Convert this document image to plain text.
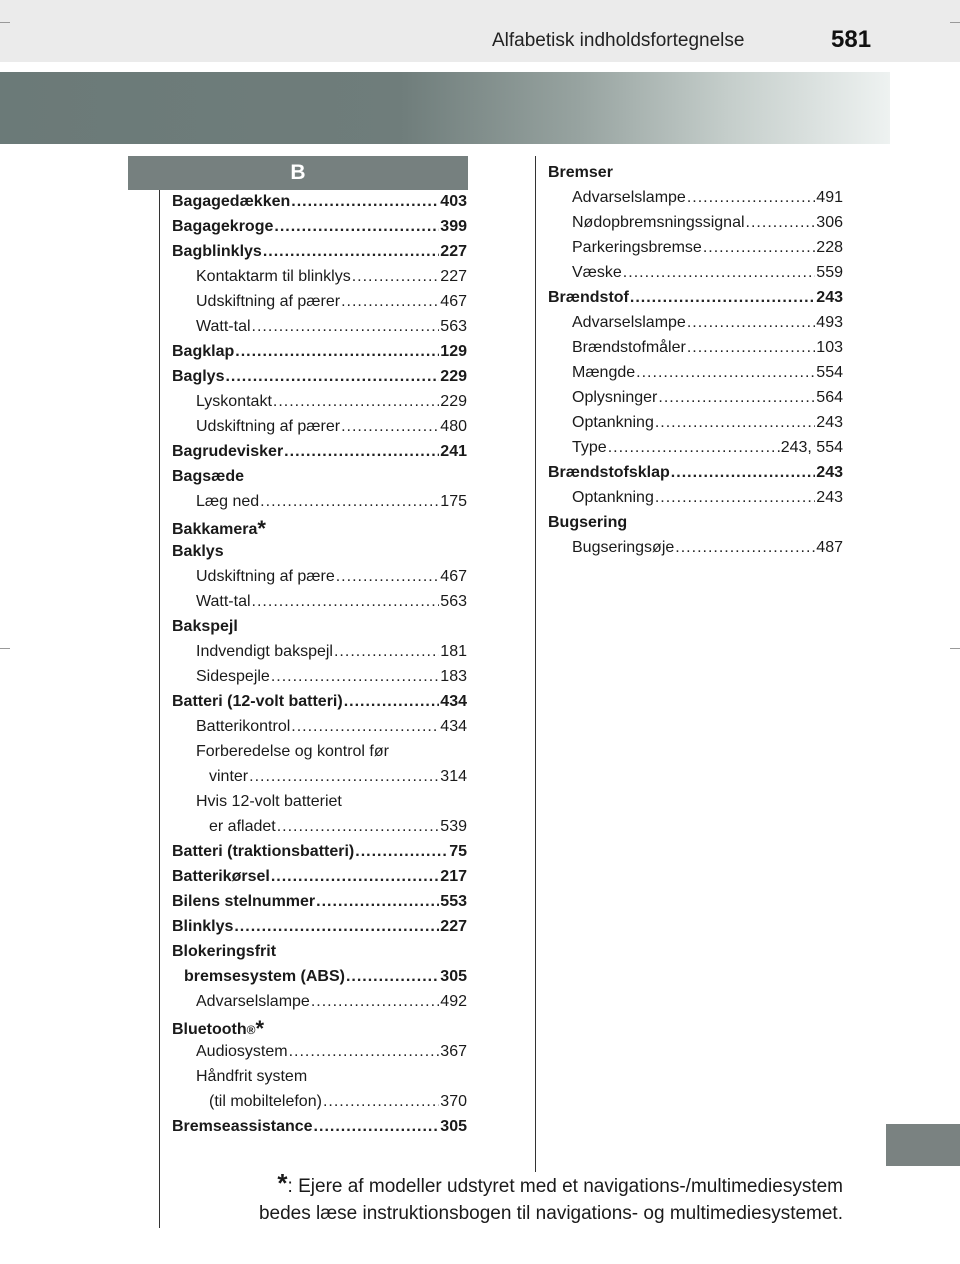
Alfabetisk indholdsfortegnelse	581
B
*: Ejere af modeller udstyret med et navigations-/multimediesystem
bedes læse instruktionsbogen til navigations- og multimediesystemet.
Bagagedækken .....	403
Bagagekroge .....	399
Bagblinklys .....	227
Kontaktarm til blinklys .....	227
Udskiftning af pærer .....	467
Watt-tal .....	563
Bagklap .....	129
Baglys .....	229
Lyskontakt .....	229
Udskiftning af pærer .....	480
Bagrudevisker .....	241
Bagsæde
Læg ned .....	175
Bakkamera *
Baklys
Udskiftning af pære .....	467
Watt-tal .....	563
Bakspejl
Indvendigt bakspejl .....	181
Sidespejle .....	183
Batteri (12-volt batteri) .....	434
Batterikontrol .....	434
Forberedelse og kontrol før
vinter .....	314
Hvis 12-volt batteriet
er afladet .....	539
Batteri (traktionsbatteri) .....	75
Batterikørsel .....	217
Bilens stelnummer .....	553
Blinklys .....	227
Blokeringsfrit
bremsesystem (ABS) .....	305
Advarselslampe .....	492
Bluetooth ® *
Audiosystem .....	367
Håndfrit system
(til mobiltelefon) .....	370
Bremseassistance .....	305
Bremser
Advarselslampe .....	491
Nødopbremsningssignal .....	306
Parkeringsbremse .....	228
Væske .....	559
Brændstof .....	243
Advarselslampe .....	493
Brændstofmåler .....	103
Mængde .....	554
Oplysninger .....	564
Optankning .....	243
Type .....	243, 554
Brændstofsklap .....	243
Optankning .....	243
Bugsering
Bugseringsøje .....	487
